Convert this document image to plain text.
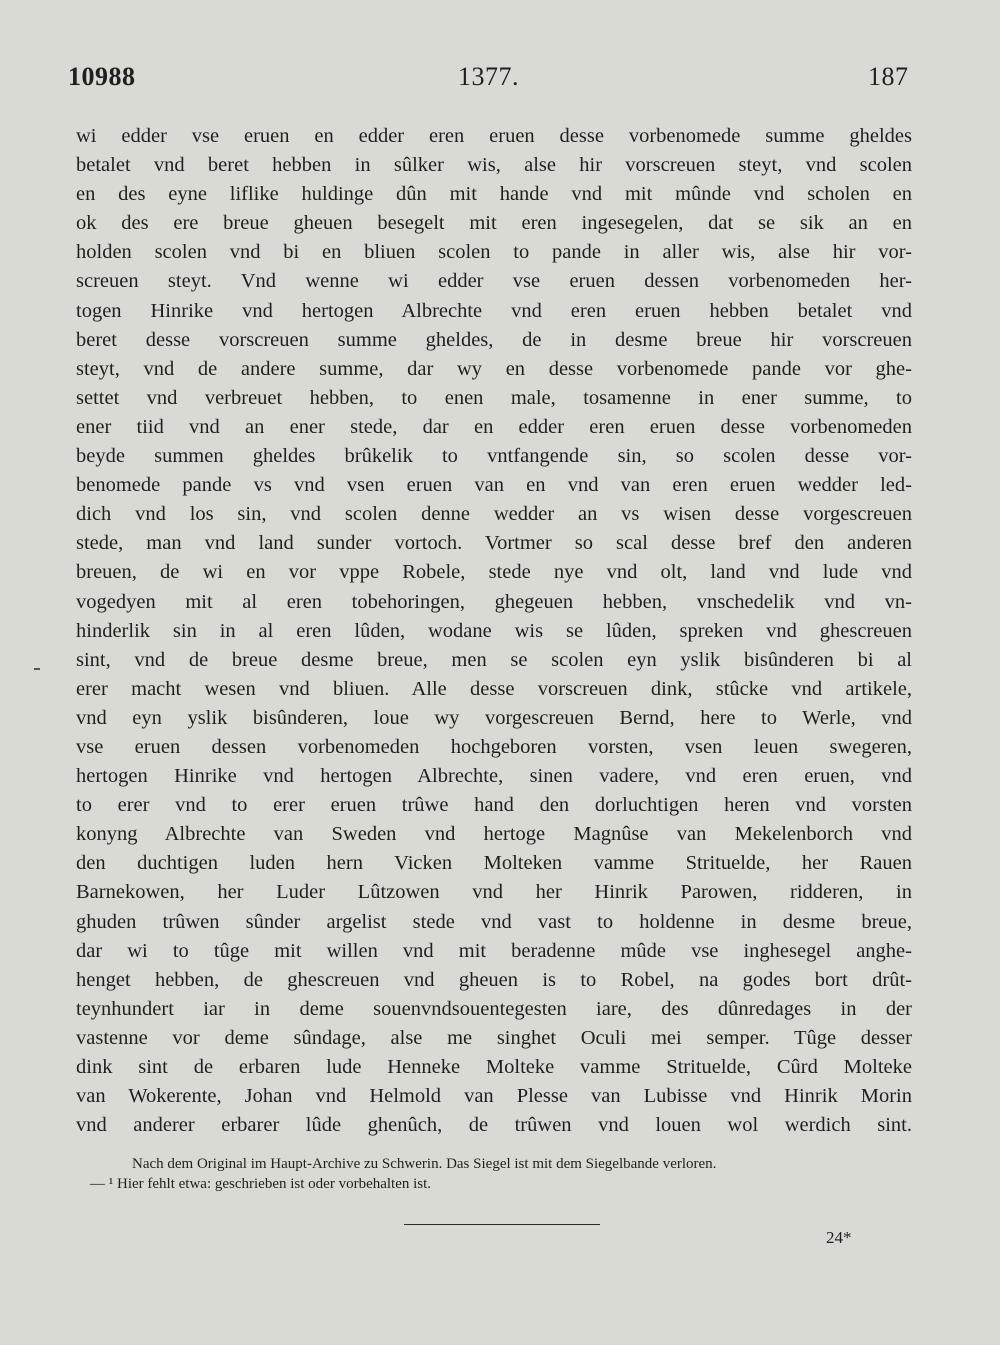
10988	1377.	187
wi edder vse eruen en edder eren eruen desse vorbenomede summe gheldes
betalet vnd beret hebben in sûlker wis, alse hir vorscreuen steyt, vnd scolen
en des eyne liflike huldinge dûn mit hande vnd mit mûnde vnd scholen en
ok des ere breue gheuen besegelt mit eren ingesegelen, dat se sik an en
holden scolen vnd bi en bliuen scolen to pande in aller wis, alse hir vor-
screuen steyt. Vnd wenne wi edder vse eruen dessen vorbenomeden her-
togen Hinrike vnd hertogen Albrechte vnd eren eruen hebben betalet vnd
beret desse vorscreuen summe gheldes, de in desme breue hir vorscreuen
steyt, vnd de andere summe, dar wy en desse vorbenomede pande vor ghe-
settet vnd verbreuet hebben, to enen male, tosamenne in ener summe, to
ener tiid vnd an ener stede, dar en edder eren eruen desse vorbenomeden
beyde summen gheldes brûkelik to vntfangende sin, so scolen desse vor-
benomede pande vs vnd vsen eruen van en vnd van eren eruen wedder led-
dich vnd los sin, vnd scolen denne wedder an vs wisen desse vorgescreuen
stede, man vnd land sunder vortoch. Vortmer so scal desse bref den anderen
breuen, de wi en vor vppe Robele, stede nye vnd olt, land vnd lude vnd
vogedyen mit al eren tobehoringen, ghegeuen hebben, vnschedelik vnd vn-
hinderlik sin in al eren lûden, wodane wis se lûden, spreken vnd ghescreuen
sint, vnd de breue desme breue, men se scolen eyn yslik bisûnderen bi al
erer macht wesen vnd bliuen. Alle desse vorscreuen dink, stûcke vnd artikele,
vnd eyn yslik bisûnderen, loue wy vorgescreuen Bernd, here to Werle, vnd
vse eruen dessen vorbenomeden hochgeboren vorsten, vsen leuen swegeren,
hertogen Hinrike vnd hertogen Albrechte, sinen vadere, vnd eren eruen, vnd
to erer vnd to erer eruen trûwe hand den dorluchtigen heren vnd vorsten
konyng Albrechte van Sweden vnd hertoge Magnûse van Mekelenborch vnd
den duchtigen luden hern Vicken Molteken vamme Strituelde, her Rauen
Barnekowen, her Luder Lûtzowen vnd her Hinrik Parowen, ridderen, in
ghuden trûwen sûnder argelist stede vnd vast to holdenne in desme breue,
dar wi to tûge mit willen vnd mit beradenne mûde vse inghesegel anghe-
henget hebben, de ghescreuen vnd gheuen is to Robel, na godes bort drût-
teynhundert iar in deme souenvndsouentegesten iare, des dûnredages in der
vastenne vor deme sûndage, alse me singhet Oculi mei semper. Tûge desser
dink sint de erbaren lude Henneke Molteke vamme Strituelde, Cûrd Molteke
van Wokerente, Johan vnd Helmold van Plesse van Lubisse vnd Hinrik Morin
vnd anderer erbarer lûde ghenûch, de trûwen vnd louen wol werdich sint.
Nach dem Original im Haupt-Archive zu Schwerin. Das Siegel ist mit dem Siegelbande verloren.
— ¹ Hier fehlt etwa: geschrieben ist oder vorbehalten ist.
24*
